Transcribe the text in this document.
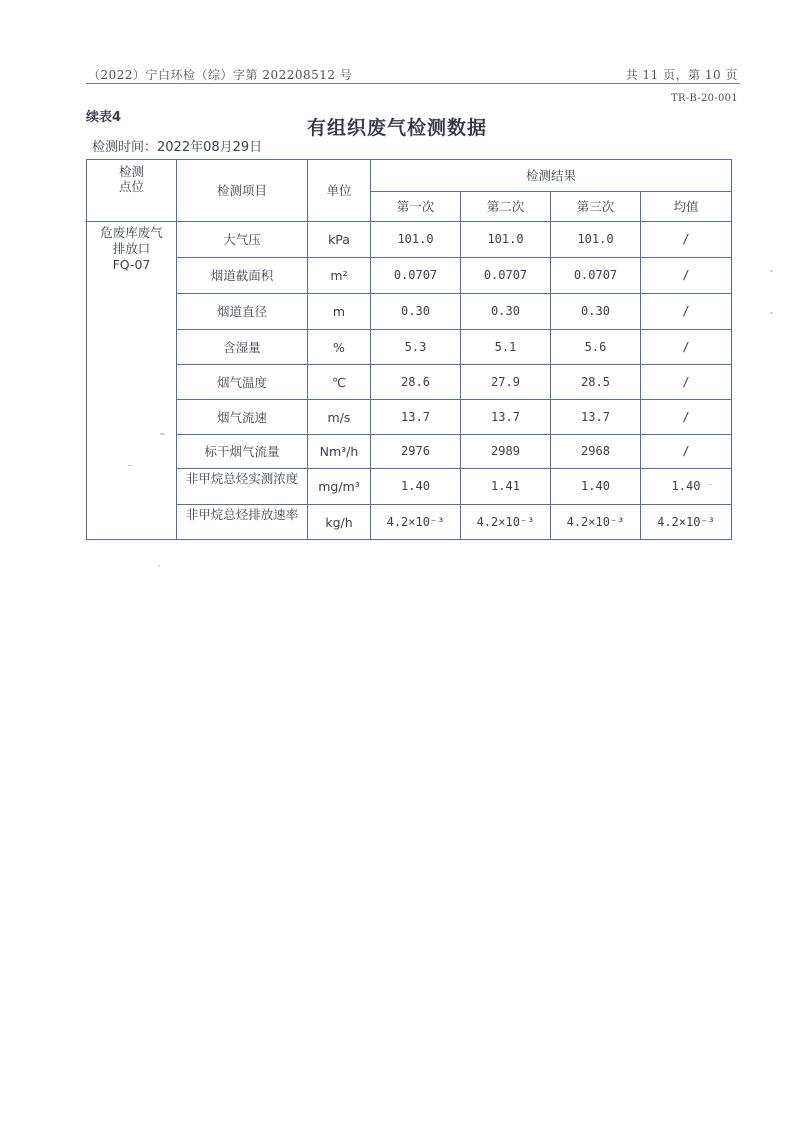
（2022）宁白环检（综）字第 202208512 号	共 11 页，第 10 页
TR-B-20-001
续表4	有组织废气检测数据
检测时间：2022年08月29日
检测
点位	检测项目	单位	检测结果			
			第一次	第二次	第三次	均值
危废库废气
排放口
FQ-07	大气压	kPa	101.0	101.0	101.0	/
	烟道截面积	m²	0.0707	0.0707	0.0707	/
	烟道直径	m	0.30	0.30	0.30	/
	含湿量	%	5.3	5.1	5.6	/
	烟气温度	℃	28.6	27.9	28.5	/
	烟气流速	m/s	13.7	13.7	13.7	/
	标干烟气流量	Nm³/h	2976	2989	2968	/
	非甲烷总烃实测浓度	mg/m³	1.40	1.41	1.40	1.40
	非甲烷总烃排放速率	kg/h	4.2×10⁻³	4.2×10⁻³	4.2×10⁻³	4.2×10⁻³
